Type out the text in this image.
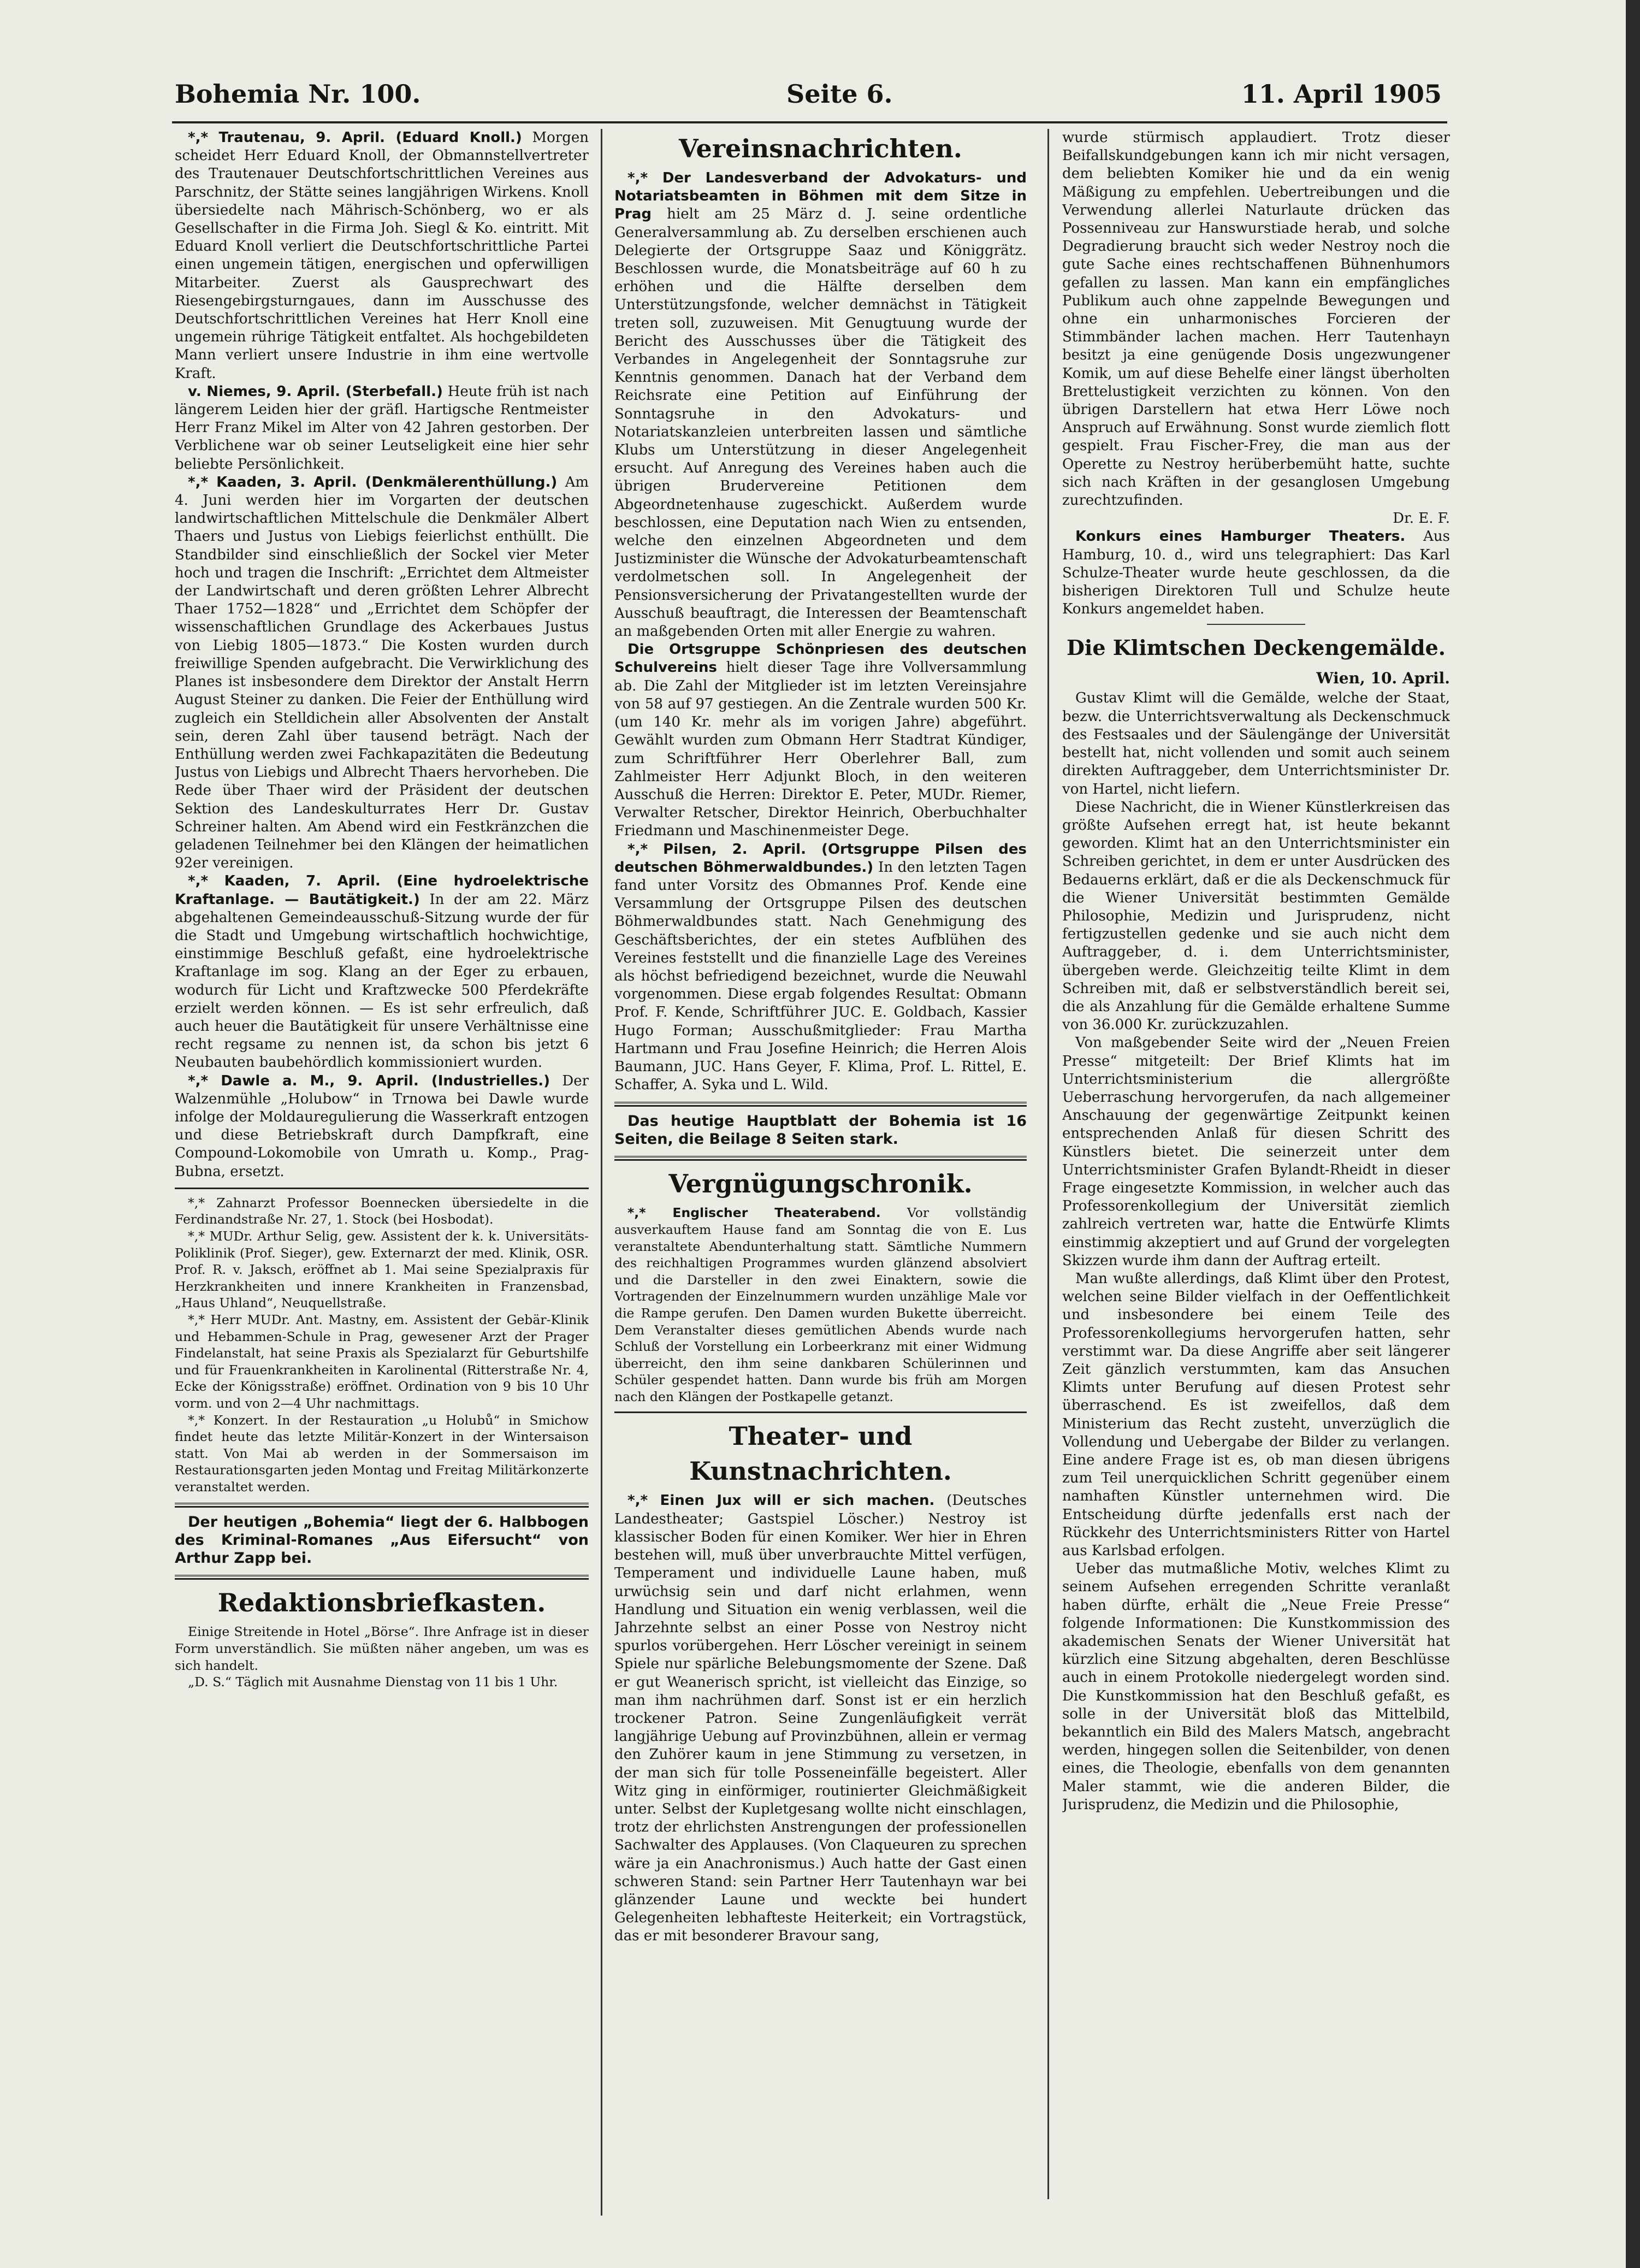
Bohemia Nr. 100.	Seite 6.	11. April 1905

*,* Trautenau, 9. April. (Eduard Knoll.) Morgen scheidet Herr Eduard Knoll, der Obmannstellvertreter des Trautenauer Deutschfortschrittlichen Vereines aus Parschnitz, der Stätte seines langjährigen Wirkens. Knoll übersiedelte nach Mährisch-Schönberg, wo er als Gesellschafter in die Firma Joh. Siegl & Ko. eintritt. Mit Eduard Knoll verliert die Deutschfortschrittliche Partei einen ungemein tätigen, energischen und opferwilligen Mitarbeiter. Zuerst als Gausprechwart des Riesengebirgsturngaues, dann im Ausschusse des Deutschfortschrittlichen Vereines hat Herr Knoll eine ungemein rührige Tätigkeit entfaltet. Als hochgebildeten Mann verliert unsere Industrie in ihm eine wertvolle Kraft.

v. Niemes, 9. April. (Sterbefall.) Heute früh ist nach längerem Leiden hier der gräfl. Hartigsche Rentmeister Herr Franz Mikel im Alter von 42 Jahren gestorben. Der Verblichene war ob seiner Leutseligkeit eine hier sehr beliebte Persönlichkeit.

*,* Kaaden, 3. April. (Denkmälerenthüllung.) Am 4. Juni werden hier im Vorgarten der deutschen landwirtschaftlichen Mittelschule die Denkmäler Albert Thaers und Justus von Liebigs feierlichst enthüllt. Die Standbilder sind einschließlich der Sockel vier Meter hoch und tragen die Inschrift: „Errichtet dem Altmeister der Landwirtschaft und deren größten Lehrer Albrecht Thaer 1752—1828“ und „Errichtet dem Schöpfer der wissenschaftlichen Grundlage des Ackerbaues Justus von Liebig 1805—1873.“ Die Kosten wurden durch freiwillige Spenden aufgebracht. Die Verwirklichung des Planes ist insbesondere dem Direktor der Anstalt Herrn August Steiner zu danken. Die Feier der Enthüllung wird zugleich ein Stelldichein aller Absolventen der Anstalt sein, deren Zahl über tausend beträgt. Nach der Enthüllung werden zwei Fachkapazitäten die Bedeutung Justus von Liebigs und Albrecht Thaers hervorheben. Die Rede über Thaer wird der Präsident der deutschen Sektion des Landeskulturrates Herr Dr. Gustav Schreiner halten. Am Abend wird ein Festkränzchen die geladenen Teilnehmer bei den Klängen der heimatlichen 92er vereinigen.

*,* Kaaden, 7. April. (Eine hydroelektrische Kraftanlage. — Bautätigkeit.) In der am 22. März abgehaltenen Gemeindeausschuß-Sitzung wurde der für die Stadt und Umgebung wirtschaftlich hochwichtige, einstimmige Beschluß gefaßt, eine hydroelektrische Kraftanlage im sog. Klang an der Eger zu erbauen, wodurch für Licht und Kraftzwecke 500 Pferdekräfte erzielt werden können. — Es ist sehr erfreulich, daß auch heuer die Bautätigkeit für unsere Verhältnisse eine recht regsame zu nennen ist, da schon bis jetzt 6 Neubauten baubehördlich kommissioniert wurden.

*,* Dawle a. M., 9. April. (Industrielles.) Der Walzenmühle „Holubow“ in Trnowa bei Dawle wurde infolge der Moldauregulierung die Wasserkraft entzogen und diese Betriebskraft durch Dampfkraft, eine Compound-Lokomobile von Umrath u. Komp., Prag-Bubna, ersetzt.

*,* Zahnarzt Professor Boennecken übersiedelte in die Ferdinandstraße Nr. 27, 1. Stock (bei Hosbodat).

*,* MUDr. Arthur Selig, gew. Assistent der k. k. Universitäts-Poliklinik (Prof. Sieger), gew. Externarzt der med. Klinik, OSR. Prof. R. v. Jaksch, eröffnet ab 1. Mai seine Spezialpraxis für Herzkrankheiten und innere Krankheiten in Franzensbad, „Haus Uhland“, Neuquellstraße.

*,* Herr MUDr. Ant. Mastny, em. Assistent der Gebär-Klinik und Hebammen-Schule in Prag, gewesener Arzt der Prager Findelanstalt, hat seine Praxis als Spezialarzt für Geburtshilfe und für Frauenkrankheiten in Karolinental (Ritterstraße Nr. 4, Ecke der Königsstraße) eröffnet. Ordination von 9 bis 10 Uhr vorm. und von 2—4 Uhr nachmittags.

*,* Konzert. In der Restauration „u Holubů“ in Smichow findet heute das letzte Militär-Konzert in der Wintersaison statt. Von Mai ab werden in der Sommersaison im Restaurationsgarten jeden Montag und Freitag Militärkonzerte veranstaltet werden.

Der heutigen „Bohemia“ liegt der 6. Halbbogen des Kriminal-Romanes „Aus Eifersucht“ von Arthur Zapp bei.

Redaktionsbriefkasten.

Einige Streitende in Hotel „Börse“. Ihre Anfrage ist in dieser Form unverständlich. Sie müßten näher angeben, um was es sich handelt.

„D. S.“ Täglich mit Ausnahme Dienstag von 11 bis 1 Uhr.

Vereinsnachrichten.

*,* Der Landesverband der Advokaturs- und Notariatsbeamten in Böhmen mit dem Sitze in Prag hielt am 25 März d. J. seine ordentliche Generalversammlung ab. Zu derselben erschienen auch Delegierte der Ortsgruppe Saaz und Königgrätz. Beschlossen wurde, die Monatsbeiträge auf 60 h zu erhöhen und die Hälfte derselben dem Unterstützungsfonde, welcher demnächst in Tätigkeit treten soll, zuzuweisen. Mit Genugtuung wurde der Bericht des Ausschusses über die Tätigkeit des Verbandes in Angelegenheit der Sonntagsruhe zur Kenntnis genommen. Danach hat der Verband dem Reichsrate eine Petition auf Einführung der Sonntagsruhe in den Advokaturs- und Notariatskanzleien unterbreiten lassen und sämtliche Klubs um Unterstützung in dieser Angelegenheit ersucht. Auf Anregung des Vereines haben auch die übrigen Brudervereine Petitionen dem Abgeordnetenhause zugeschickt. Außerdem wurde beschlossen, eine Deputation nach Wien zu entsenden, welche den einzelnen Abgeordneten und dem Justizminister die Wünsche der Advokaturbeamtenschaft verdolmetschen soll. In Angelegenheit der Pensionsversicherung der Privatangestellten wurde der Ausschuß beauftragt, die Interessen der Beamtenschaft an maßgebenden Orten mit aller Energie zu wahren.

Die Ortsgruppe Schönpriesen des deutschen Schulvereins hielt dieser Tage ihre Vollversammlung ab. Die Zahl der Mitglieder ist im letzten Vereinsjahre von 58 auf 97 gestiegen. An die Zentrale wurden 500 Kr. (um 140 Kr. mehr als im vorigen Jahre) abgeführt. Gewählt wurden zum Obmann Herr Stadtrat Kündiger, zum Schriftführer Herr Oberlehrer Ball, zum Zahlmeister Herr Adjunkt Bloch, in den weiteren Ausschuß die Herren: Direktor E. Peter, MUDr. Riemer, Verwalter Retscher, Direktor Heinrich, Oberbuchhalter Friedmann und Maschinenmeister Dege.

*,* Pilsen, 2. April. (Ortsgruppe Pilsen des deutschen Böhmerwaldbundes.) In den letzten Tagen fand unter Vorsitz des Obmannes Prof. Kende eine Versammlung der Ortsgruppe Pilsen des deutschen Böhmerwaldbundes statt. Nach Genehmigung des Geschäftsberichtes, der ein stetes Aufblühen des Vereines feststellt und die finanzielle Lage des Vereines als höchst befriedigend bezeichnet, wurde die Neuwahl vorgenommen. Diese ergab folgendes Resultat: Obmann Prof. F. Kende, Schriftführer JUC. E. Goldbach, Kassier Hugo Forman; Ausschußmitglieder: Frau Martha Hartmann und Frau Josefine Heinrich; die Herren Alois Baumann, JUC. Hans Geyer, F. Klima, Prof. L. Rittel, E. Schaffer, A. Syka und L. Wild.

Das heutige Hauptblatt der Bohemia ist 16 Seiten, die Beilage 8 Seiten stark.

Vergnügungschronik.

*,* Englischer Theaterabend. Vor vollständig ausverkauftem Hause fand am Sonntag die von E. Lus veranstaltete Abendunterhaltung statt. Sämtliche Nummern des reichhaltigen Programmes wurden glänzend absolviert und die Darsteller in den zwei Einaktern, sowie die Vortragenden der Einzelnummern wurden unzählige Male vor die Rampe gerufen. Den Damen wurden Bukette überreicht. Dem Veranstalter dieses gemütlichen Abends wurde nach Schluß der Vorstellung ein Lorbeerkranz mit einer Widmung überreicht, den ihm seine dankbaren Schülerinnen und Schüler gespendet hatten. Dann wurde bis früh am Morgen nach den Klängen der Postkapelle getanzt.

Theater- und Kunstnachrichten.

*,* Einen Jux will er sich machen. (Deutsches Landestheater; Gastspiel Löscher.) Nestroy ist klassischer Boden für einen Komiker. Wer hier in Ehren bestehen will, muß über unverbrauchte Mittel verfügen, Temperament und individuelle Laune haben, muß urwüchsig sein und darf nicht erlahmen, wenn Handlung und Situation ein wenig verblassen, weil die Jahrzehnte selbst an einer Posse von Nestroy nicht spurlos vorübergehen. Herr Löscher vereinigt in seinem Spiele nur spärliche Belebungsmomente der Szene. Daß er gut Weanerisch spricht, ist vielleicht das Einzige, so man ihm nachrühmen darf. Sonst ist er ein herzlich trockener Patron. Seine Zungenläufigkeit verrät langjährige Uebung auf Provinzbühnen, allein er vermag den Zuhörer kaum in jene Stimmung zu versetzen, in der man sich für tolle Posseneinfälle begeistert. Aller Witz ging in einförmiger, routinierter Gleichmäßigkeit unter. Selbst der Kupletgesang wollte nicht einschlagen, trotz der ehrlichsten Anstrengungen der professionellen Sachwalter des Applauses. (Von Claqueuren zu sprechen wäre ja ein Anachronismus.) Auch hatte der Gast einen schweren Stand: sein Partner Herr Tautenhayn war bei glänzender Laune und weckte bei hundert Gelegenheiten lebhafteste Heiterkeit; ein Vortragstück, das er mit besonderer Bravour sang,

wurde stürmisch applaudiert. Trotz dieser Beifallskundgebungen kann ich mir nicht versagen, dem beliebten Komiker hie und da ein wenig Mäßigung zu empfehlen. Uebertreibungen und die Verwendung allerlei Naturlaute drücken das Possenniveau zur Hanswurstiade herab, und solche Degradierung braucht sich weder Nestroy noch die gute Sache eines rechtschaffenen Bühnenhumors gefallen zu lassen. Man kann ein empfängliches Publikum auch ohne zappelnde Bewegungen und ohne ein unharmonisches Forcieren der Stimmbänder lachen machen. Herr Tautenhayn besitzt ja eine genügende Dosis ungezwungener Komik, um auf diese Behelfe einer längst überholten Brettelustigkeit verzichten zu können. Von den übrigen Darstellern hat etwa Herr Löwe noch Anspruch auf Erwähnung. Sonst wurde ziemlich flott gespielt. Frau Fischer-Frey, die man aus der Operette zu Nestroy herüberbemüht hatte, suchte sich nach Kräften in der gesanglosen Umgebung zurechtzufinden.

Dr. E. F.

Konkurs eines Hamburger Theaters. Aus Hamburg, 10. d., wird uns telegraphiert: Das Karl Schulze-Theater wurde heute geschlossen, da die bisherigen Direktoren Tull und Schulze heute Konkurs angemeldet haben.

Die Klimtschen Deckengemälde.
Wien, 10. April.

Gustav Klimt will die Gemälde, welche der Staat, bezw. die Unterrichtsverwaltung als Deckenschmuck des Festsaales und der Säulengänge der Universität bestellt hat, nicht vollenden und somit auch seinem direkten Auftraggeber, dem Unterrichtsminister Dr. von Hartel, nicht liefern.

Diese Nachricht, die in Wiener Künstlerkreisen das größte Aufsehen erregt hat, ist heute bekannt geworden. Klimt hat an den Unterrichtsminister ein Schreiben gerichtet, in dem er unter Ausdrücken des Bedauerns erklärt, daß er die als Deckenschmuck für die Wiener Universität bestimmten Gemälde Philosophie, Medizin und Jurisprudenz, nicht fertigzustellen gedenke und sie auch nicht dem Auftraggeber, d. i. dem Unterrichtsminister, übergeben werde. Gleichzeitig teilte Klimt in dem Schreiben mit, daß er selbstverständlich bereit sei, die als Anzahlung für die Gemälde erhaltene Summe von 36.000 Kr. zurückzuzahlen.

Von maßgebender Seite wird der „Neuen Freien Presse“ mitgeteilt: Der Brief Klimts hat im Unterrichtsministerium die allergrößte Ueberraschung hervorgerufen, da nach allgemeiner Anschauung der gegenwärtige Zeitpunkt keinen entsprechenden Anlaß für diesen Schritt des Künstlers bietet. Die seinerzeit unter dem Unterrichtsminister Grafen Bylandt-Rheidt in dieser Frage eingesetzte Kommission, in welcher auch das Professorenkollegium der Universität ziemlich zahlreich vertreten war, hatte die Entwürfe Klimts einstimmig akzeptiert und auf Grund der vorgelegten Skizzen wurde ihm dann der Auftrag erteilt.

Man wußte allerdings, daß Klimt über den Protest, welchen seine Bilder vielfach in der Oeffentlichkeit und insbesondere bei einem Teile des Professorenkollegiums hervorgerufen hatten, sehr verstimmt war. Da diese Angriffe aber seit längerer Zeit gänzlich verstummten, kam das Ansuchen Klimts unter Berufung auf diesen Protest sehr überraschend. Es ist zweifellos, daß dem Ministerium das Recht zusteht, unverzüglich die Vollendung und Uebergabe der Bilder zu verlangen. Eine andere Frage ist es, ob man diesen übrigens zum Teil unerquicklichen Schritt gegenüber einem namhaften Künstler unternehmen wird. Die Entscheidung dürfte jedenfalls erst nach der Rückkehr des Unterrichtsministers Ritter von Hartel aus Karlsbad erfolgen.

Ueber das mutmaßliche Motiv, welches Klimt zu seinem Aufsehen erregenden Schritte veranlaßt haben dürfte, erhält die „Neue Freie Presse“ folgende Informationen: Die Kunstkommission des akademischen Senats der Wiener Universität hat kürzlich eine Sitzung abgehalten, deren Beschlüsse auch in einem Protokolle niedergelegt worden sind. Die Kunstkommission hat den Beschluß gefaßt, es solle in der Universität bloß das Mittelbild, bekanntlich ein Bild des Malers Matsch, angebracht werden, hingegen sollen die Seitenbilder, von denen eines, die Theologie, ebenfalls von dem genannten Maler stammt, wie die anderen Bilder, die Jurisprudenz, die Medizin und die Philosophie,
